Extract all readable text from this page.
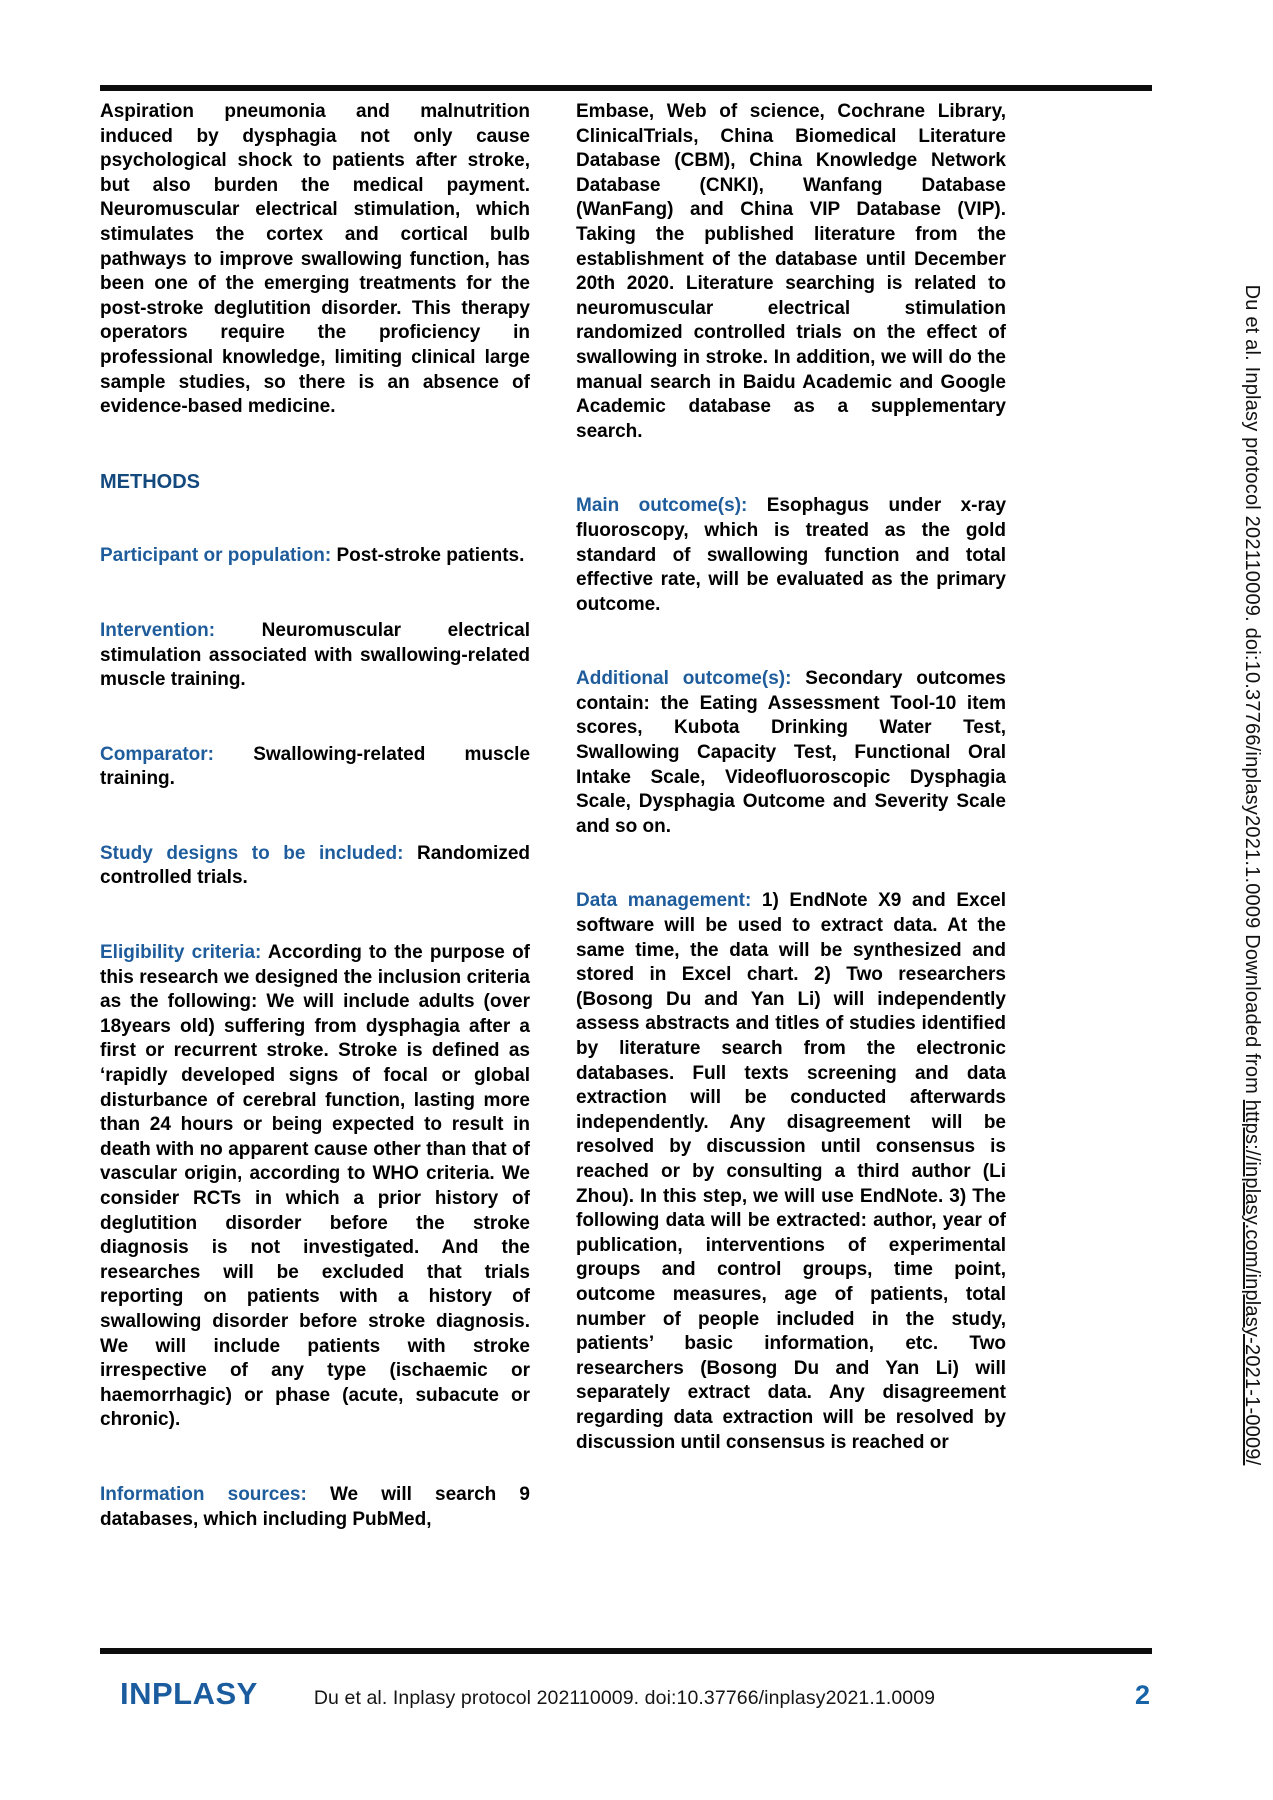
Aspiration pneumonia and malnutrition induced by dysphagia not only cause psychological shock to patients after stroke, but also burden the medical payment. Neuromuscular electrical stimulation, which stimulates the cortex and cortical bulb pathways to improve swallowing function, has been one of the emerging treatments for the post-stroke deglutition disorder. This therapy operators require the proficiency in professional knowledge, limiting clinical large sample studies, so there is an absence of evidence-based medicine.

METHODS

Participant or population: Post-stroke patients.

Intervention: Neuromuscular electrical stimulation associated with swallowing-related muscle training.

Comparator: Swallowing-related muscle training.

Study designs to be included: Randomized controlled trials.

Eligibility criteria: According to the purpose of this research we designed the inclusion criteria as the following: We will include adults (over 18years old) suffering from dysphagia after a first or recurrent stroke. Stroke is defined as ‘rapidly developed signs of focal or global disturbance of cerebral function, lasting more than 24 hours or being expected to result in death with no apparent cause other than that of vascular origin, according to WHO criteria. We consider RCTs in which a prior history of deglutition disorder before the stroke diagnosis is not investigated. And the researches will be excluded that trials reporting on patients with a history of swallowing disorder before stroke diagnosis. We will include patients with stroke irrespective of any type (ischaemic or haemorrhagic) or phase (acute, subacute or chronic).

Information sources: We will search 9 databases, which including PubMed,

Embase, Web of science, Cochrane Library, ClinicalTrials, China Biomedical Literature Database (CBM), China Knowledge Network Database (CNKI), Wanfang Database (WanFang) and China VIP Database (VIP). Taking the published literature from the establishment of the database until December 20th 2020. Literature searching is related to neuromuscular electrical stimulation randomized controlled trials on the effect of swallowing in stroke. In addition, we will do the manual search in Baidu Academic and Google Academic database as a supplementary search.

Main outcome(s): Esophagus under x-ray fluoroscopy, which is treated as the gold standard of swallowing function and total effective rate, will be evaluated as the primary outcome.

Additional outcome(s): Secondary outcomes contain: the Eating Assessment Tool-10 item scores, Kubota Drinking Water Test, Swallowing Capacity Test, Functional Oral Intake Scale, Videofluoroscopic Dysphagia Scale, Dysphagia Outcome and Severity Scale and so on.

Data management: 1) EndNote X9 and Excel software will be used to extract data. At the same time, the data will be synthesized and stored in Excel chart. 2) Two researchers (Bosong Du and Yan Li) will independently assess abstracts and titles of studies identified by literature search from the electronic databases. Full texts screening and data extraction will be conducted afterwards independently. Any disagreement will be resolved by discussion until consensus is reached or by consulting a third author (Li Zhou). In this step, we will use EndNote. 3) The following data will be extracted: author, year of publication, interventions of experimental groups and control groups, time point, outcome measures, age of patients, total number of people included in the study, patients’ basic information, etc. Two researchers (Bosong Du and Yan Li) will separately extract data. Any disagreement regarding data extraction will be resolved by discussion until consensus is reached or

Du et al. Inplasy protocol 202110009. doi:10.37766/inplasy2021.1.0009 Downloaded from https://inplasy.com/inplasy-2021-1-0009/
INPLASY	Du et al. Inplasy protocol 202110009. doi:10.37766/inplasy2021.1.0009	2
